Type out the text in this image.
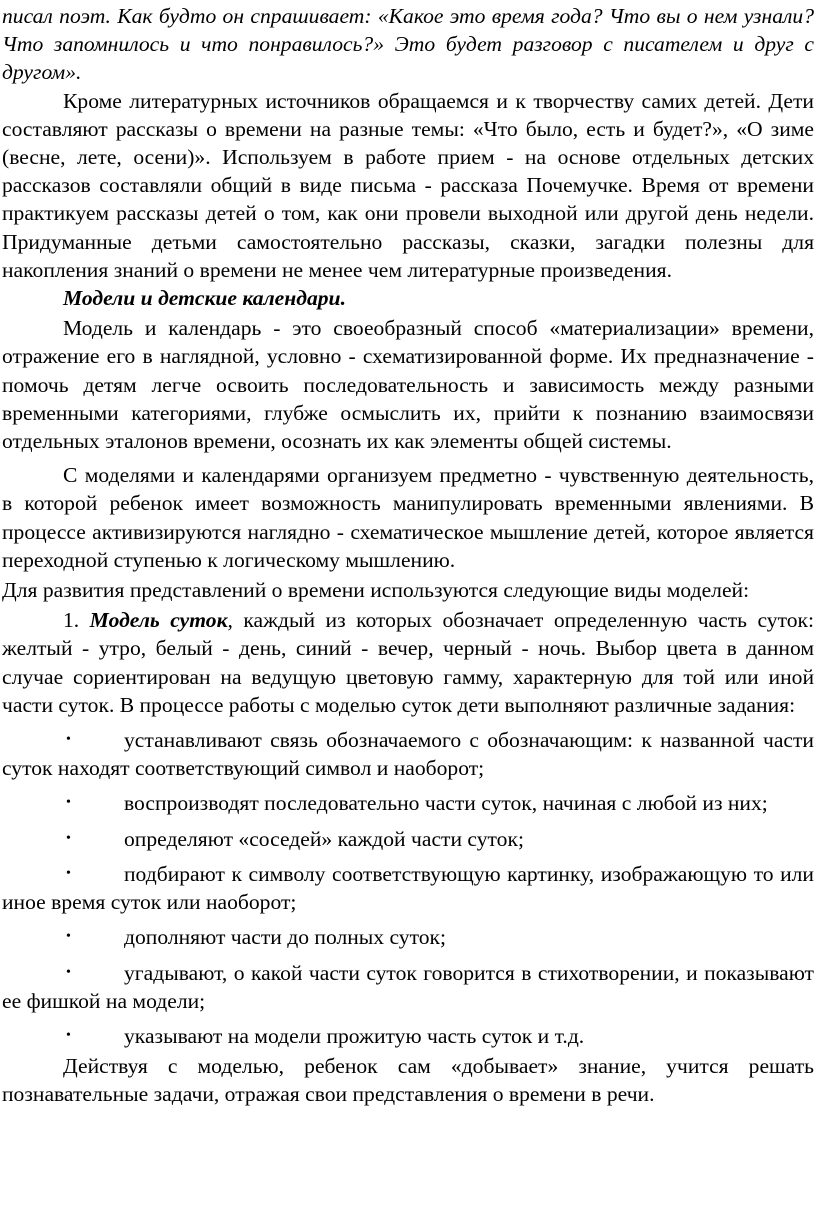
писал поэт. Как будто он спрашивает: «Какое это время года? Что вы о нем узнали? Что запомнилось и что понравилось?» Это будет разговор с писателем и друг с другом».

Кроме литературных источников обращаемся и к творчеству самих детей. Дети составляют рассказы о времени на разные темы: «Что было, есть и будет?», «О зиме (весне, лете, осени)». Используем в работе прием - на основе отдельных детских рассказов составляли общий в виде письма - рассказа Почемучке. Время от времени практикуем рассказы детей о том, как они провели выходной или другой день недели. Придуманные детьми самостоятельно рассказы, сказки, загадки полезны для накопления знаний о времени не менее чем литературные произведения.

Модели и детские календари.

Модель и календарь - это своеобразный способ «материализации» времени, отражение его в наглядной, условно - схематизированной форме. Их предназначение - помочь детям легче освоить последовательность и зависимость между разными временными категориями, глубже осмыслить их, прийти к познанию взаимосвязи отдельных эталонов времени, осознать их как элементы общей системы.

С моделями и календарями организуем предметно - чувственную деятельность, в которой ребенок имеет возможность манипулировать временными явлениями. В процессе активизируются наглядно - схематическое мышление детей, которое является переходной ступенью к логическому мышлению.

Для развития представлений о времени используются следующие виды моделей:

1. Модель суток, каждый из которых обозначает определенную часть суток: желтый - утро, белый - день, синий - вечер, черный - ночь. Выбор цвета в данном случае сориентирован на ведущую цветовую гамму, характерную для той или иной части суток. В процессе работы с моделью суток дети выполняют различные задания:

• устанавливают связь обозначаемого с обозначающим: к названной части суток находят соответствующий символ и наоборот;

• воспроизводят последовательно части суток, начиная с любой из них;

• определяют «соседей» каждой части суток;

• подбирают к символу соответствующую картинку, изображающую то или иное время суток или наоборот;

• дополняют части до полных суток;

• угадывают, о какой части суток говорится в стихотворении, и показывают ее фишкой на модели;

• указывают на модели прожитую часть суток и т.д.

Действуя с моделью, ребенок сам «добывает» знание, учится решать познавательные задачи, отражая свои представления о времени в речи.
